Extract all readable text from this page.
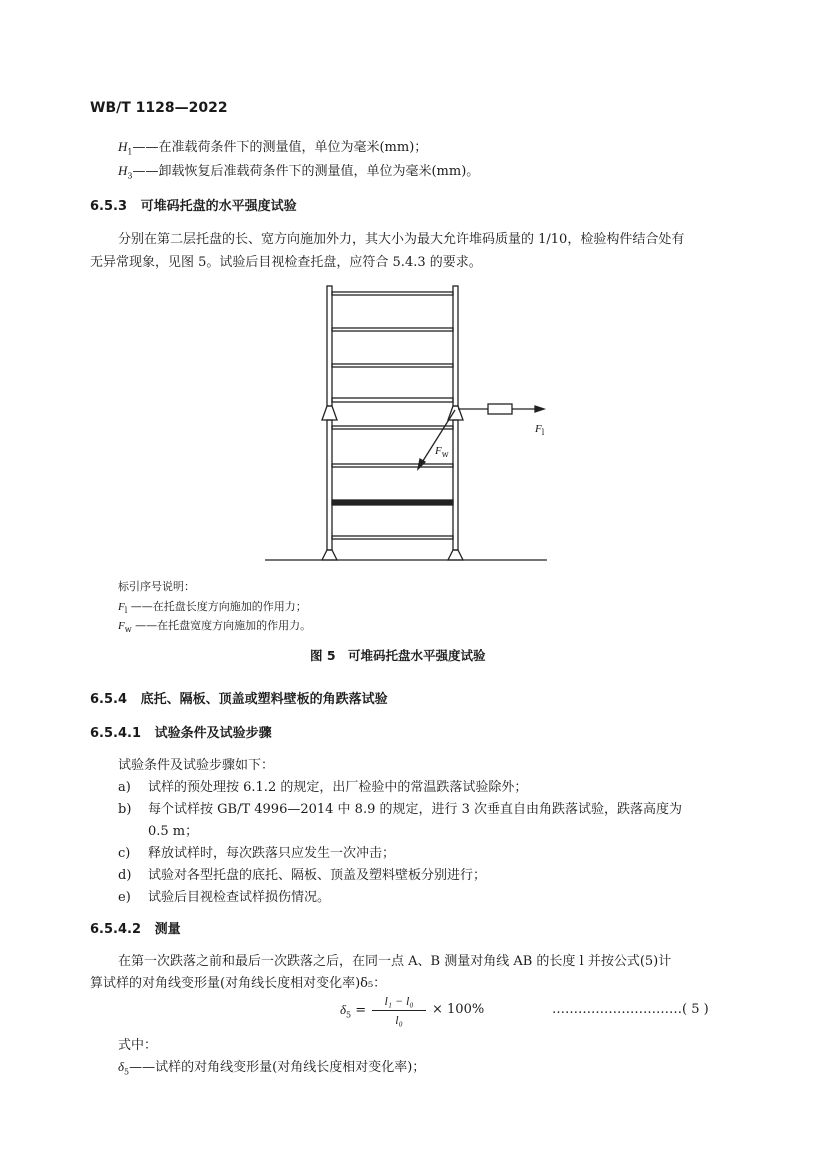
WB/T 1128—2022
$H_1——$在准载荷条件下的测量值，单位为毫米(mm)；
$H_3——$卸载恢复后准载荷条件下的测量值，单位为毫米(mm)。
6.5.3 可堆码托盘的水平强度试验
分别在第二层托盘的长、宽方向施加外力，其大小为最大允许堆码质量的 1/10，检验构件结合处有
无异常现象，见图 5。试验后目视检查托盘，应符合 5.4.3 的要求。
$F_l$
$F_w$
标引序号说明：
$F_l$ ——在托盘长度方向施加的作用力；
$F_w$ ——在托盘宽度方向施加的作用力。
图 5　可堆码托盘水平强度试验
6.5.4 底托、隔板、顶盖或塑料壁板的角跌落试验
6.5.4.1 试验条件及试验步骤
试验条件及试验步骤如下：
a) 试样的预处理按 6.1.2 的规定，出厂检验中的常温跌落试验除外；
b) 每个试样按 GB/T 4996—2014 中 8.9 的规定，进行 3 次垂直自由角跌落试验，跌落高度为
0.5 m；
c) 释放试样时，每次跌落只应发生一次冲击；
d) 试验对各型托盘的底托、隔板、顶盖及塑料壁板分别进行；
e) 试验后目视检查试样损伤情况。
6.5.4.2 测量
在第一次跌落之前和最后一次跌落之后，在同一点 A、B 测量对角线 AB 的长度 l 并按公式(5)计
算试样的对角线变形量(对角线长度相对变化率)δ₅：
$\delta_5$ =
l₁ − l₀
l₀
× 100%	…………………………( 5 )
式中：
$\delta_5——$试样的对角线变形量(对角线长度相对变化率)；
